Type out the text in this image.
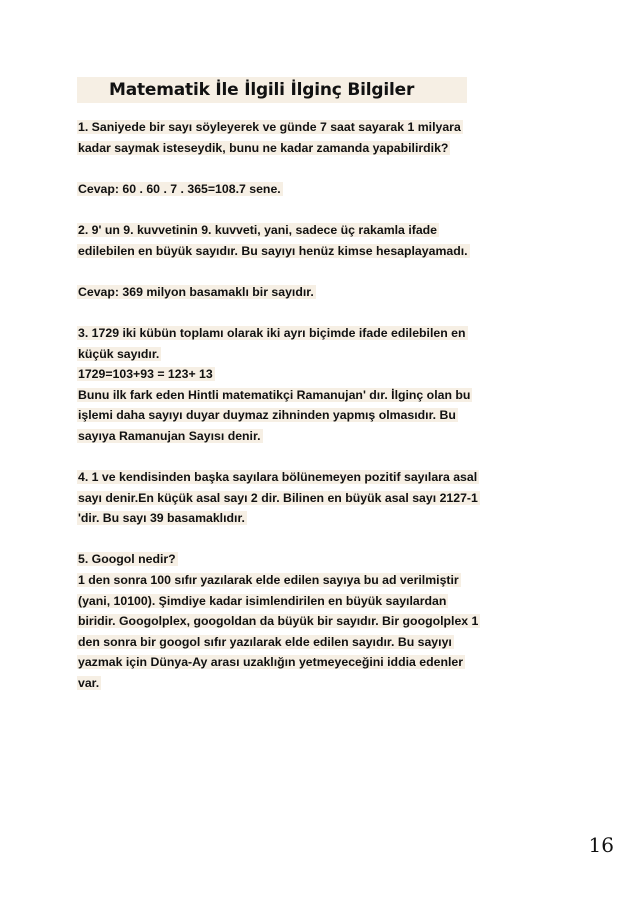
Matematik İle İlgili İlginç Bilgiler
1. Saniyede bir sayı söyleyerek ve günde 7 saat sayarak 1 milyara
kadar saymak isteseydik, bunu ne kadar zamanda yapabilirdik?
Cevap: 60 . 60 . 7 . 365=108.7 sene.
2. 9' un 9. kuvvetinin 9. kuvveti, yani, sadece üç rakamla ifade
edilebilen en büyük sayıdır. Bu sayıyı henüz kimse hesaplayamadı.
Cevap: 369 milyon basamaklı bir sayıdır.
3. 1729 iki kübün toplamı olarak iki ayrı biçimde ifade edilebilen en
küçük sayıdır.
1729=103+93 = 123+ 13
Bunu ilk fark eden Hintli matematikçi Ramanujan' dır. İlginç olan bu
işlemi daha sayıyı duyar duymaz zihninden yapmış olmasıdır. Bu
sayıya Ramanujan Sayısı denir.
4. 1 ve kendisinden başka sayılara bölünemeyen pozitif sayılara asal
sayı denir.En küçük asal sayı 2 dir. Bilinen en büyük asal sayı 2127-1
'dir. Bu sayı 39 basamaklıdır.
5. Googol nedir?
1 den sonra 100 sıfır yazılarak elde edilen sayıya bu ad verilmiştir
(yani, 10100). Şimdiye kadar isimlendirilen en büyük sayılardan
biridir. Googolplex, googoldan da büyük bir sayıdır. Bir googolplex 1
den sonra bir googol sıfır yazılarak elde edilen sayıdır. Bu sayıyı
yazmak için Dünya-Ay arası uzaklığın yetmeyeceğini iddia edenler
var.
16
